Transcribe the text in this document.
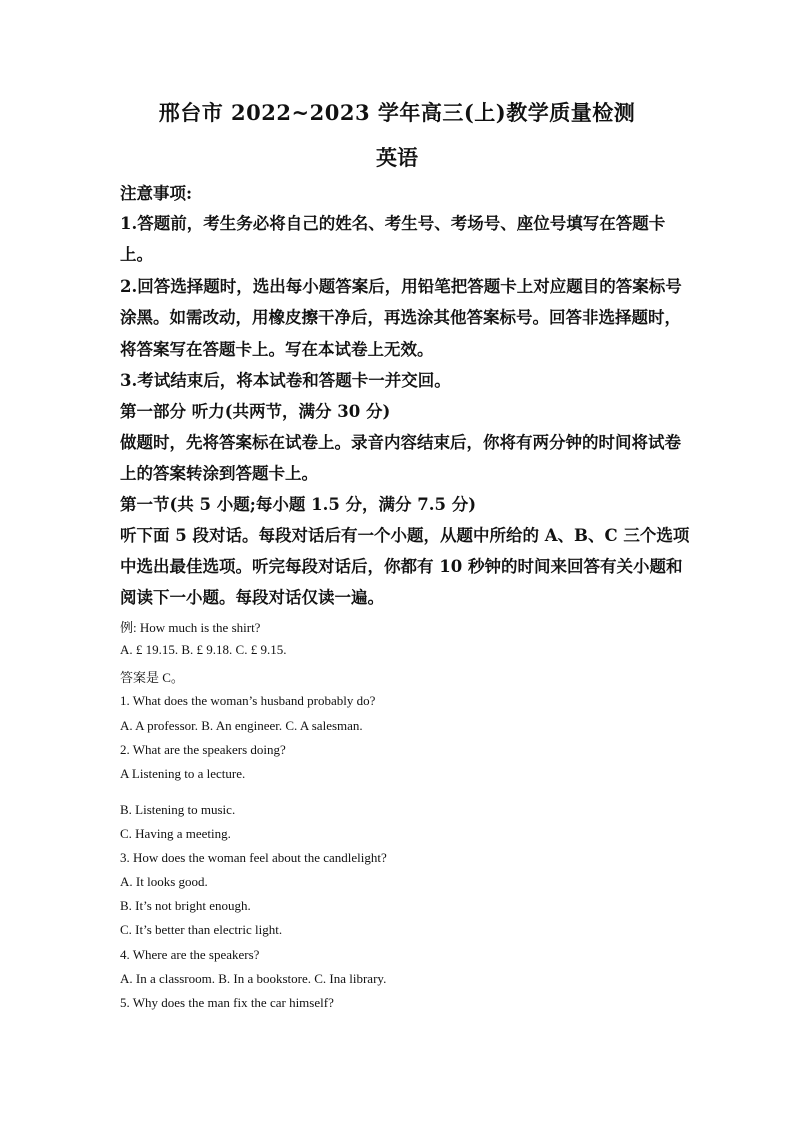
邢台市 2022~2023 学年高三(上)教学质量检测
英语
注意事项:
1.答题前，考生务必将自己的姓名、考生号、考场号、座位号填写在答题卡
上。
2.回答选择题时，选出每小题答案后，用铅笔把答题卡上对应题目的答案标号
涂黑。如需改动，用橡皮擦干净后，再选涂其他答案标号。回答非选择题时，
将答案写在答题卡上。写在本试卷上无效。
3.考试结束后，将本试卷和答题卡一并交回。
第一部分 听力(共两节，满分 30 分)
做题时，先将答案标在试卷上。录音内容结束后，你将有两分钟的时间将试卷
上的答案转涂到答题卡上。
第一节(共 5 小题;每小题 1.5 分，满分 7.5 分)
听下面 5 段对话。每段对话后有一个小题，从题中所给的 A、B、C 三个选项
中选出最佳选项。听完每段对话后，你都有 10 秒钟的时间来回答有关小题和
阅读下一小题。每段对话仅读一遍。
例: How much is the shirt?
A. £ 19.15. B. £ 9.18. C. £ 9.15.
答案是 C。
1. What does the woman’s husband probably do?
A. A professor. B. An engineer. C. A salesman.
2. What are the speakers doing?
A Listening to a lecture.
B. Listening to music.
C. Having a meeting.
3. How does the woman feel about the candlelight?
A. It looks good.
B. It’s not bright enough.
C. It’s better than electric light.
4. Where are the speakers?
A. In a classroom. B. In a bookstore. C. Ina library.
5. Why does the man fix the car himself?
